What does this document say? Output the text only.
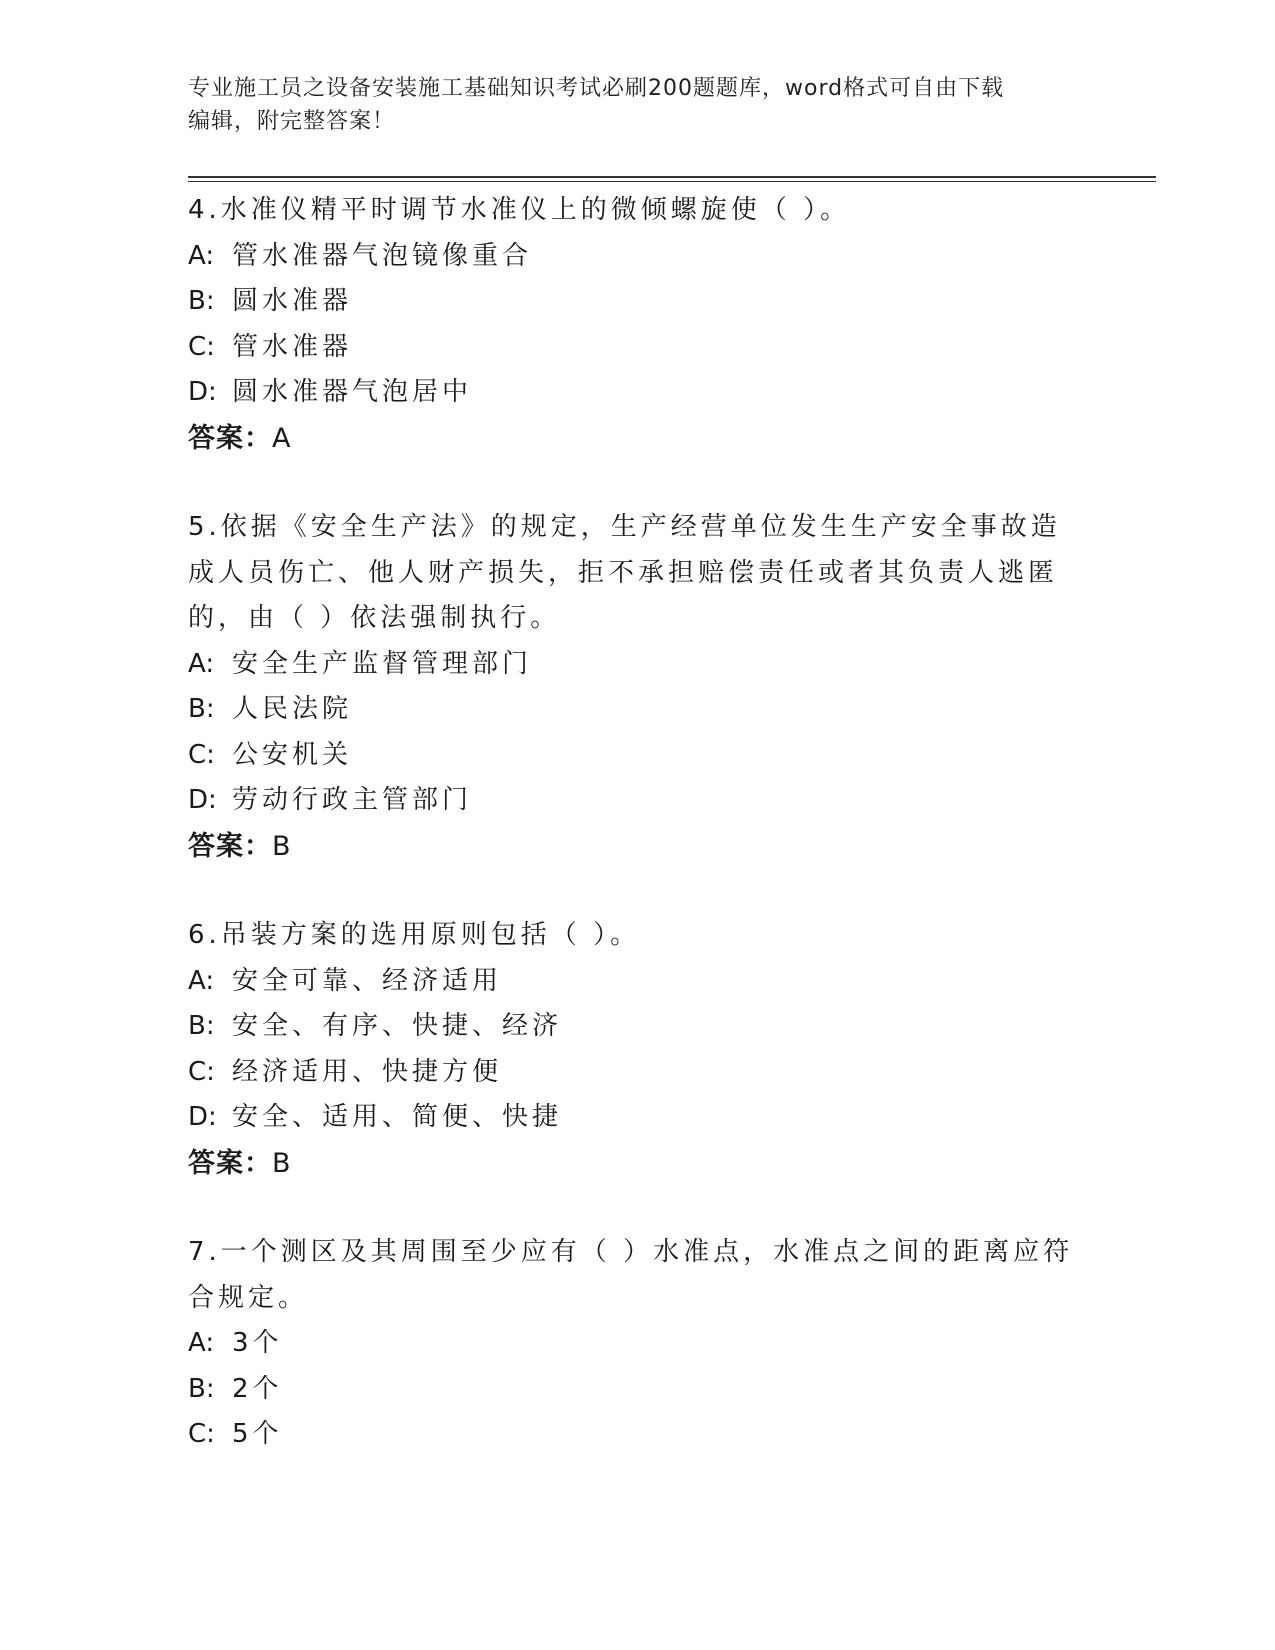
专业施工员之设备安装施工基础知识考试必刷200题题库，word格式可自由下载
编辑，附完整答案！

4.水准仪精平时调节水准仪上的微倾螺旋使（ ）。

A: 管水准器气泡镜像重合

B: 圆水准器

C: 管水准器

D: 圆水准器气泡居中

答案：A

5.依据《安全生产法》的规定，生产经营单位发生生产安全事故造成人员伤亡、他人财产损失，拒不承担赔偿责任或者其负责人逃匿的，由（ ）依法强制执行。

A: 安全生产监督管理部门

B: 人民法院

C: 公安机关

D: 劳动行政主管部门

答案：B

6.吊装方案的选用原则包括（ ）。

A: 安全可靠、经济适用

B: 安全、有序、快捷、经济

C: 经济适用、快捷方便

D: 安全、适用、简便、快捷

答案：B

7.一个测区及其周围至少应有（ ）水准点，水准点之间的距离应符合规定。

A: 3个

B: 2个

C: 5个
